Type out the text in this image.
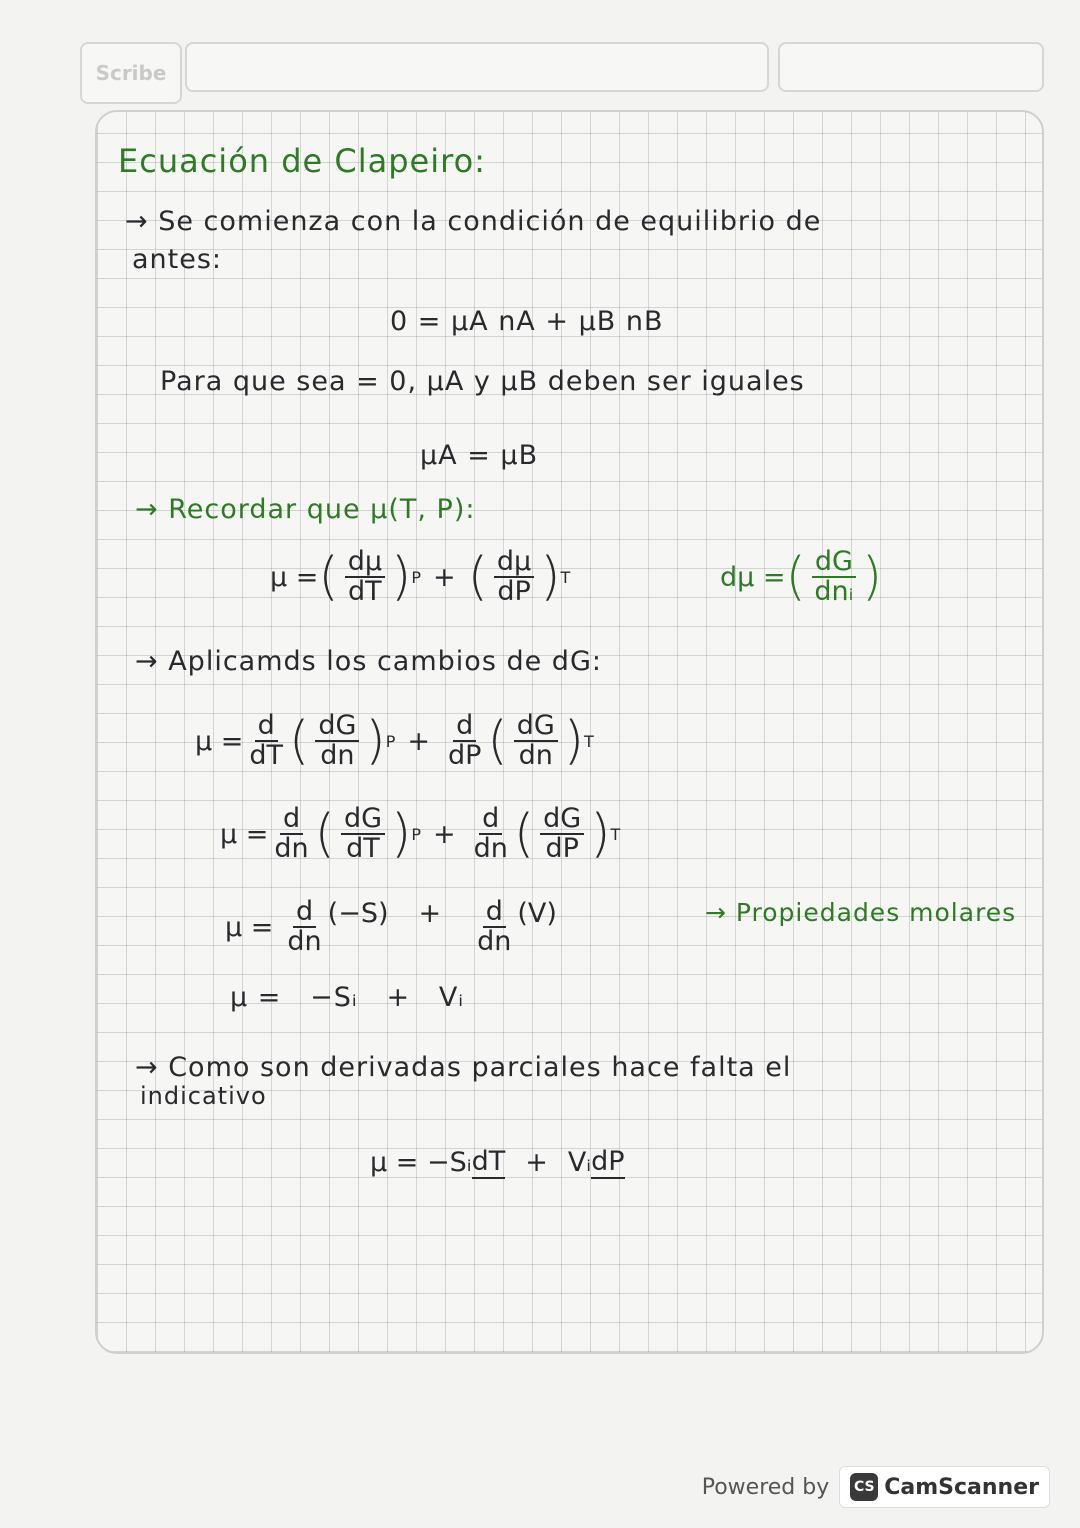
Scribe
Ecuación de Clapeiro:
→ Se comienza con la condición de equilibrio de
antes:
0 = μA nA + μB nB
Para que sea = 0, μA y μB deben ser iguales
μA = μB
→ Recordar que μ(T, P):
μ = ( $\frac{d\mu}{dT}$ ) P + ( $\frac{d\mu}{dP}$ ) T	dμ = ( $\frac{dG}{\text{dnᵢ}}$ )
→ Aplicamds los cambios de dG:
$\mu = \frac{d}{dT}$ ( $\frac{dG}{dn}$ ) $P + \frac{d}{dP}$ ( $\frac{dG}{dn}$ ) T
$\mu = \frac{d}{dn}$ ( $\frac{dG}{dT}$ ) $P + \frac{d}{dn}$ ( $\frac{dG}{dP}$ ) T
$\mu = \frac{d}{dn} (-S) + \frac{d}{dn} (V)$	→ Propiedades molares
μ =   −Sᵢ   +   Vᵢ
→ Como son derivadas parciales hace falta el
indicativo
μ = −Sᵢ dT + Vᵢ dP
Powered by CS CamScanner
